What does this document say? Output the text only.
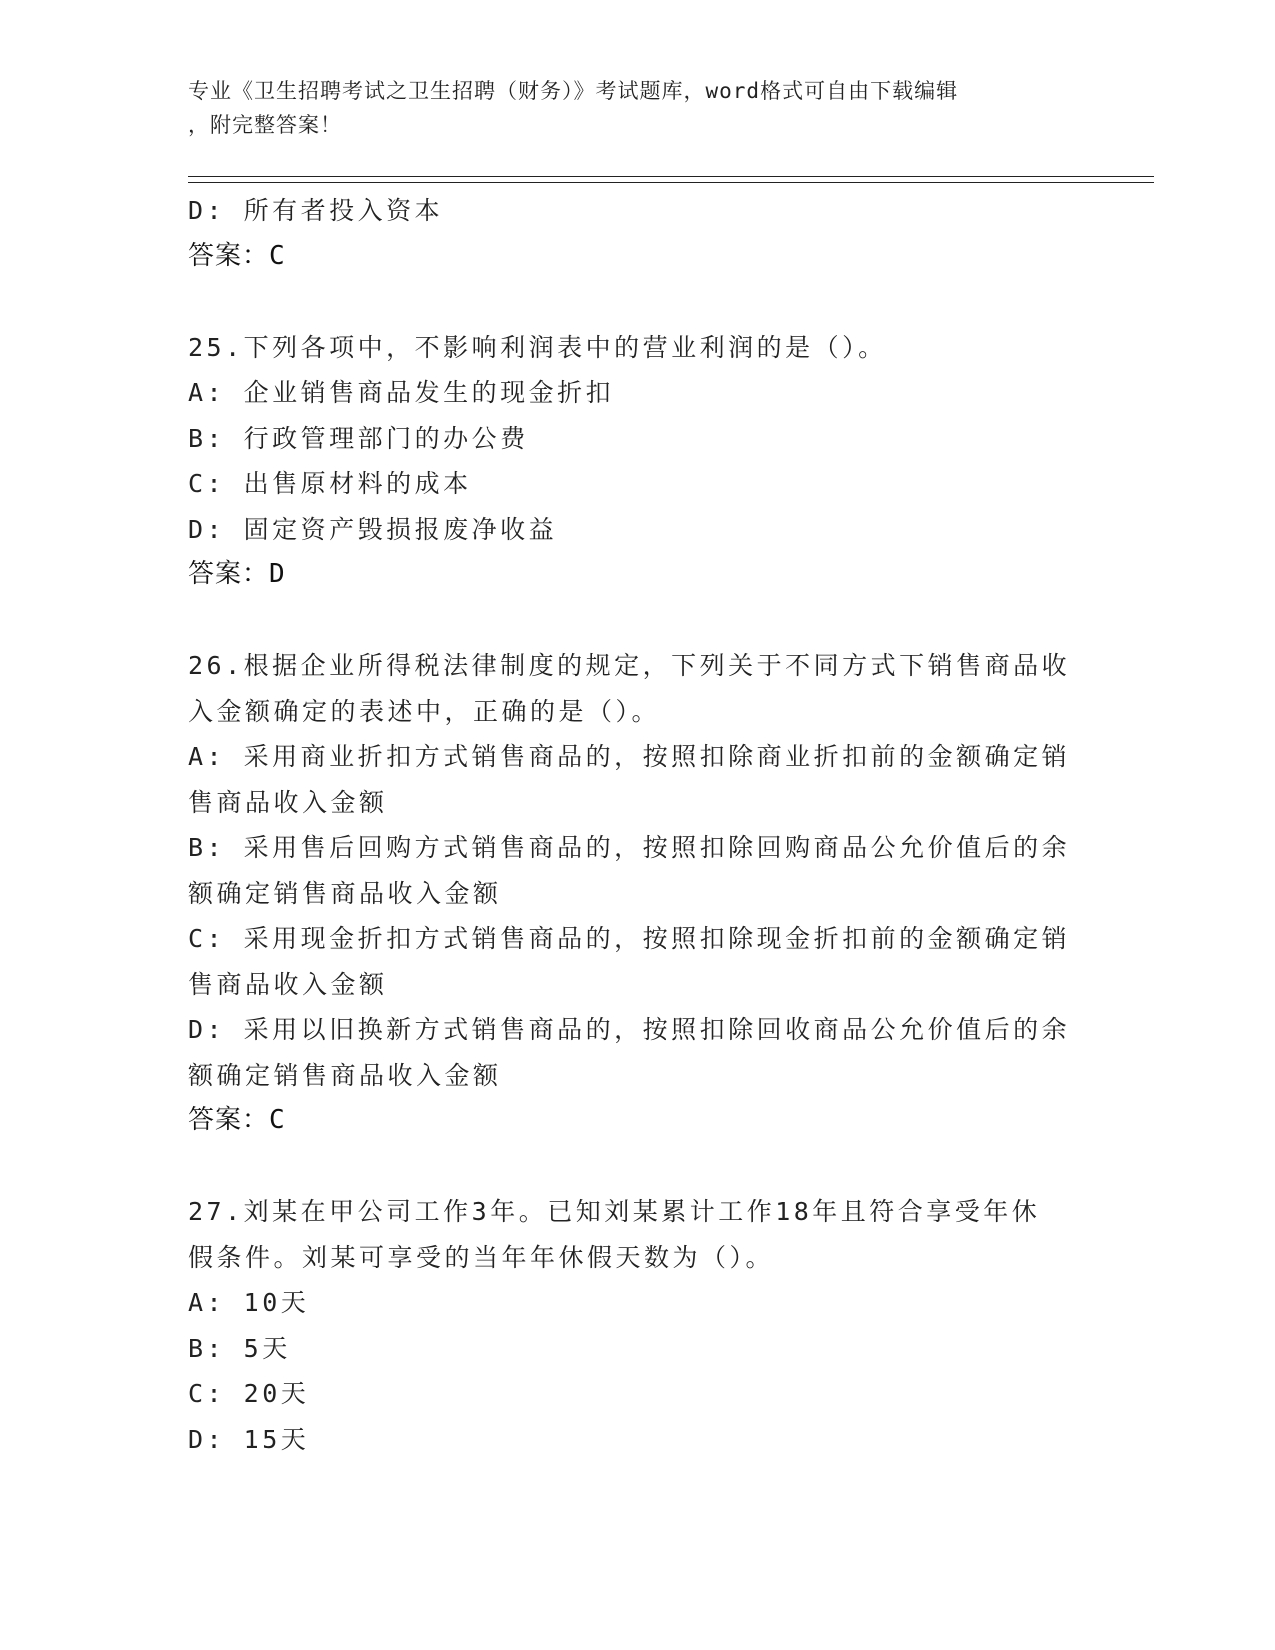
专业《卫生招聘考试之卫生招聘（财务）》考试题库，word格式可自由下载编辑
，附完整答案！
D: 所有者投入资本
答案：C
25.下列各项中，不影响利润表中的营业利润的是（）。
A: 企业销售商品发生的现金折扣
B: 行政管理部门的办公费
C: 出售原材料的成本
D: 固定资产毁损报废净收益
答案：D
26.根据企业所得税法律制度的规定，下列关于不同方式下销售商品收
入金额确定的表述中，正确的是（）。
A: 采用商业折扣方式销售商品的，按照扣除商业折扣前的金额确定销
售商品收入金额
B: 采用售后回购方式销售商品的，按照扣除回购商品公允价值后的余
额确定销售商品收入金额
C: 采用现金折扣方式销售商品的，按照扣除现金折扣前的金额确定销
售商品收入金额
D: 采用以旧换新方式销售商品的，按照扣除回收商品公允价值后的余
额确定销售商品收入金额
答案：C
27.刘某在甲公司工作3年。已知刘某累计工作18年且符合享受年休
假条件。刘某可享受的当年年休假天数为（）。
A: 10天
B: 5天
C: 20天
D: 15天
